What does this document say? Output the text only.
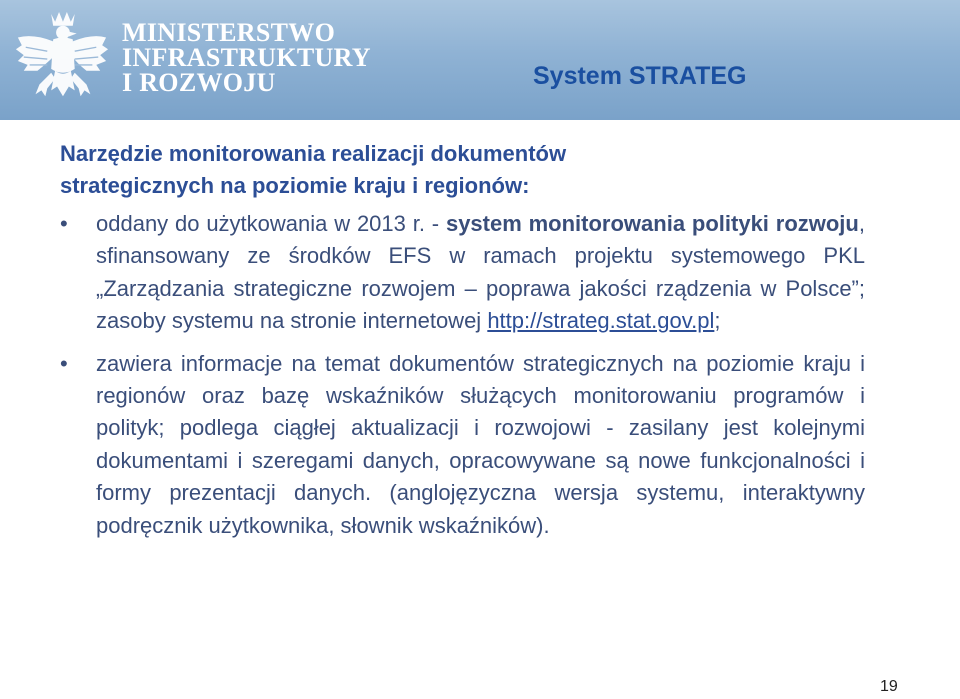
MINISTERSTWO
INFRASTRUKTURY
I ROZWOJU	System STRATEG
Narzędzie monitorowania realizacji dokumentów
strategicznych na poziomie kraju i regionów:
• oddany do użytkowania w 2013 r. - system monitorowania polityki rozwoju, sfinansowany ze środków EFS w ramach projektu systemowego PKL „Zarządzania strategiczne rozwojem – poprawa jakości rządzenia w Polsce”; zasoby systemu na stronie internetowej http://strateg.stat.gov.pl;
• zawiera informacje na temat dokumentów strategicznych na poziomie kraju i regionów oraz bazę wskaźników służących monitorowaniu programów i polityk; podlega ciągłej aktualizacji i rozwojowi - zasilany jest kolejnymi dokumentami i szeregami danych, opracowywane są nowe funkcjonalności i formy prezentacji danych. (anglojęzyczna wersja systemu, interaktywny podręcznik użytkownika, słownik wskaźników).
19
